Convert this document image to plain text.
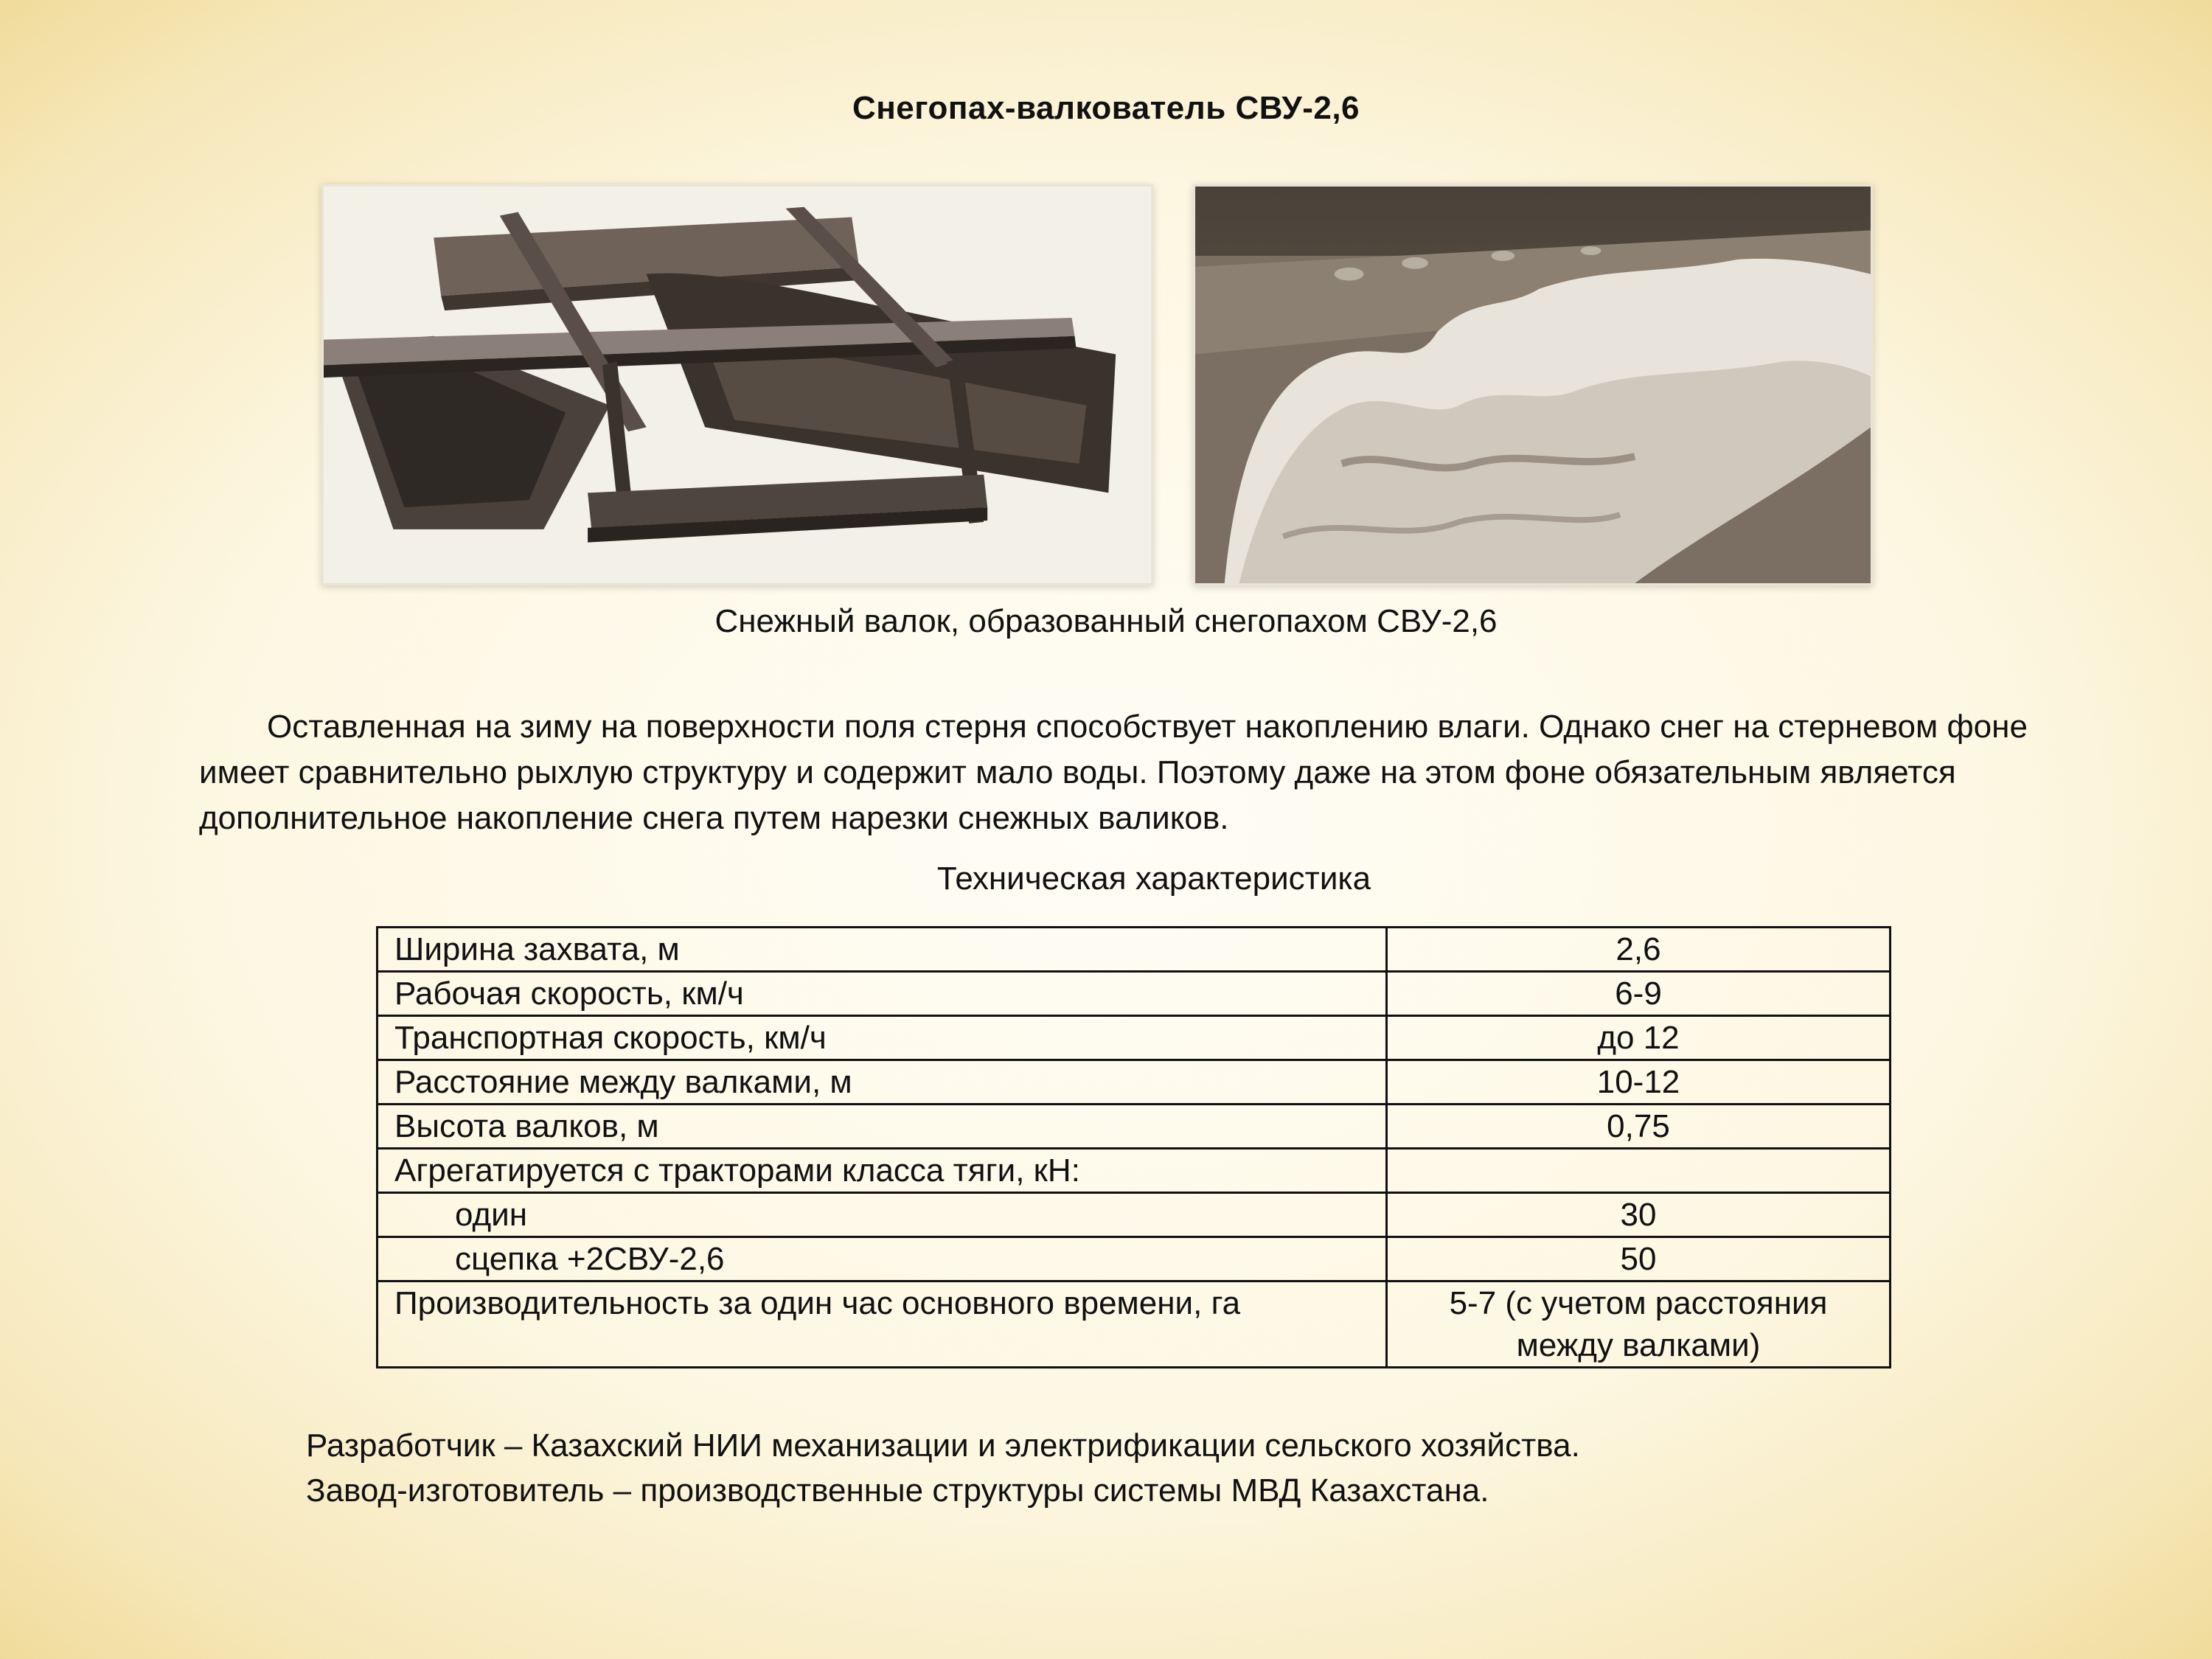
Снегопах-валкователь СВУ-2,6
Снежный валок, образованный снегопахом СВУ-2,6
Оставленная на зиму на поверхности поля стерня способствует накоплению влаги. Однако снег на стерневом фоне имеет сравнительно рыхлую структуру и содержит мало воды. Поэтому даже на этом фоне обязательным является дополнительное накопление снега путем нарезки снежных валиков.
Техническая характеристика
Ширина захвата, м	2,6
Рабочая скорость, км/ч	6-9
Транспортная скорость, км/ч	до 12
Расстояние между валками, м	10-12
Высота валков, м	0,75
Агрегатируется с тракторами класса тяги, кН:	
один	30
сцепка +2СВУ-2,6	50
Производительность за один час основного времени, га	5-7 (с учетом расстояния между валками)
Разработчик – Казахский НИИ механизации и электрификации сельского хозяйства.
Завод-изготовитель – производственные структуры системы МВД Казахстана.
